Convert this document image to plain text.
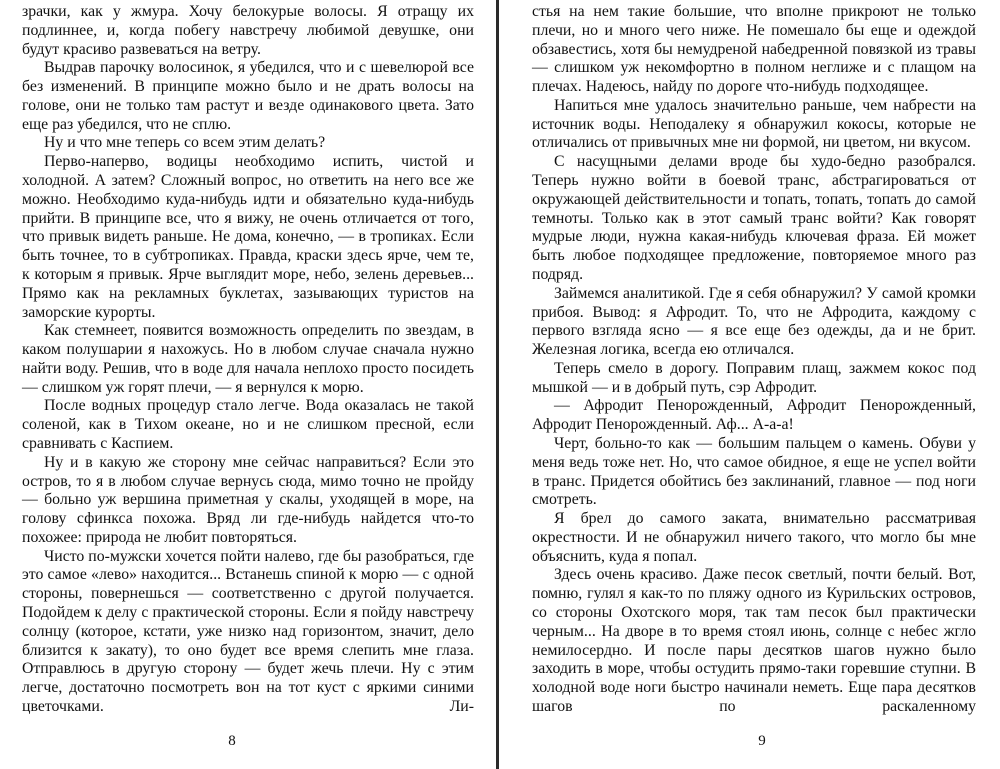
зрачки, как у жмура. Хочу белокурые волосы. Я отращу их подлиннее, и, когда побегу навстречу любимой девушке, они будут красиво развеваться на ветру.

Выдрав парочку волосинок, я убедился, что и с шевелюрой все без изменений. В принципе можно было и не драть волосы на голове, они не только там растут и везде одинакового цвета. Зато еще раз убедился, что не сплю.

Ну и что мне теперь со всем этим делать?

Перво-наперво, водицы необходимо испить, чистой и холодной. А затем? Сложный вопрос, но ответить на него все же можно. Необходимо куда-нибудь идти и обязательно куда-нибудь прийти. В принципе все, что я вижу, не очень отличается от того, что привык видеть раньше. Не дома, конечно, — в тропиках. Если быть точнее, то в субтропиках. Правда, краски здесь ярче, чем те, к которым я привык. Ярче выглядит море, небо, зелень деревьев... Прямо как на рекламных буклетах, зазывающих туристов на заморские курорты.

Как стемнеет, появится возможность определить по звездам, в каком полушарии я нахожусь. Но в любом случае сначала нужно найти воду. Решив, что в воде для начала неплохо просто посидеть — слишком уж горят плечи, — я вернулся к морю.

После водных процедур стало легче. Вода оказалась не такой соленой, как в Тихом океане, но и не слишком пресной, если сравнивать с Каспием.

Ну и в какую же сторону мне сейчас направиться? Если это остров, то я в любом случае вернусь сюда, мимо точно не пройду — больно уж вершина приметная у скалы, уходящей в море, на голову сфинкса похожа. Вряд ли где-нибудь найдется что-то похожее: природа не любит повторяться.

Чисто по-мужски хочется пойти налево, где бы разобраться, где это самое «лево» находится... Встанешь спиной к морю — с одной стороны, повернешься — соответственно с другой получается. Подойдем к делу с практической стороны. Если я пойду навстречу солнцу (которое, кстати, уже низко над горизонтом, значит, дело близится к закату), то оно будет все время слепить мне глаза. Отправлюсь в другую сторону — будет жечь плечи. Ну с этим легче, достаточно посмотреть вон на тот куст с яркими синими цветочками. Ли-

8

стья на нем такие большие, что вполне прикроют не только плечи, но и много чего ниже. Не помешало бы еще и одеждой обзавестись, хотя бы немудреной набедренной повязкой из травы — слишком уж некомфортно в полном неглиже и с плащом на плечах. Надеюсь, найду по дороге что-нибудь подходящее.

Напиться мне удалось значительно раньше, чем набрести на источник воды. Неподалеку я обнаружил кокосы, которые не отличались от привычных мне ни формой, ни цветом, ни вкусом.

С насущными делами вроде бы худо-бедно разобрался. Теперь нужно войти в боевой транс, абстрагироваться от окружающей действительности и топать, топать, топать до самой темноты. Только как в этот самый транс войти? Как говорят мудрые люди, нужна какая-нибудь ключевая фраза. Ей может быть любое подходящее предложение, повторяемое много раз подряд.

Займемся аналитикой. Где я себя обнаружил? У самой кромки прибоя. Вывод: я Афродит. То, что не Афродита, каждому с первого взгляда ясно — я все еще без одежды, да и не брит. Железная логика, всегда ею отличался.

Теперь смело в дорогу. Поправим плащ, зажмем кокос под мышкой — и в добрый путь, сэр Афродит.

— Афродит Пенорожденный, Афродит Пенорожденный, Афродит Пенорожденный. Аф... А-а-а!

Черт, больно-то как — большим пальцем о камень. Обуви у меня ведь тоже нет. Но, что самое обидное, я еще не успел войти в транс. Придется обойтись без заклинаний, главное — под ноги смотреть.

Я брел до самого заката, внимательно рассматривая окрестности. И не обнаружил ничего такого, что могло бы мне объяснить, куда я попал.

Здесь очень красиво. Даже песок светлый, почти белый. Вот, помню, гулял я как-то по пляжу одного из Курильских островов, со стороны Охотского моря, так там песок был практически черным... На дворе в то время стоял июнь, солнце с небес жгло немилосердно. И после пары десятков шагов нужно было заходить в море, чтобы остудить прямо-таки горевшие ступни. В холодной воде ноги быстро начинали неметь. Еще пара десятков шагов по раскаленному

9
